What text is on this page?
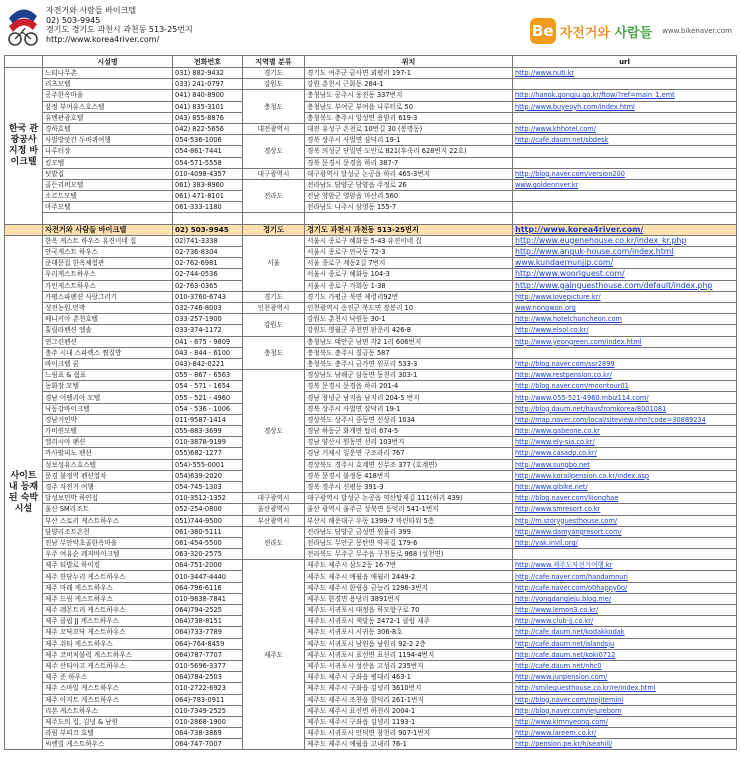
자전거와 사람들 바이크텔
02) 503-9945
경기도 경기도 과천시 과천동 513-25번지
http://www.korea4river.com/	Be 자전거와 사람들 www.bikenaver.com
	시설명	전화번호	지역별 분류	위치	url
한국 관광공사 지정 바이크텔	느티나무촌	031) 882-9432	경기도	경기도 여주군 금사면 외평리 197-1	http://www.nuti.kr
	리츠모텔	033) 241-0797	강원도	강원 춘천시 근화동 284-1	
	공주한옥마을	041) 840-8900	충청도	충청남도 공주시 웅진동 337번지	http://hanok.gongju.go.kr/ftow/?ref=main_1.emt
	삼정 부여유스호스텔	041) 835-3101		충청남도 부여군 부여읍 나루터로 50	http://www.buyeoyh.com/index.html
	유엔관광호텔	043) 855-8876		충청북도 충주시 앙성면 용암리 619-3	
	경하호텔	042) 822-5656	대전광역시	대전 유성구 온천로 10번길 30 (봉명동)	http://www.khhotel.com/
	사벌방앗간 두바퀴여행	054-536-1006	경상도	경북 상주시 사벌면 삼덕리 19-1	http://cafe.daum.net/sbdesk
	나루터장	054-861-7441		경북 의성군 단밀면 도안로 821(후죽리 628번지 22호)	
	킹모텔	054-571-5558		경북 문경시 문경읍 하리 387-7	
	텃밭집	010-4098-4357	대구광역시	대구광역시 달성군 논공읍 하리 465-3번지	http://blog.naver.com/version200
	골든리버모텔	061) 383-8960	전라도	전라남도 담양군 담양읍 주정로 26	www.goldenriver.kr
	소르트모텔	061) 471-8101		전남 영암군 영암읍 마산리 560	
	마주모텔	061-333-1180		전라남도 나주시 삼영동 155-7	

	자전거와 사람들 바이크텔	02) 503-9945	경기도	경기도 과천시 과천동 513-25번지	http://www.korea4river.com/
사이트 내 등재된 숙박시설	한옥 게스트 하우스 유진이네 집	02)741-3338	서울	서울시 종로구 혜화동 5-43 유진이네 집	http://www.eugenehouse.co.kr/index_kr.php
	안국게스트 하우스	02-736-8304		서울시 종로구 안국동 72-3	http://www.anguk-house.com/index.html
	쿤대문집 한옥체험관	02-762-6981		서울 종로구 계동2길 7번지	www.kundaemunjip.com/
	우리게스트하우스	02-744-0536		서울시 종로구 혜화동 104-3	http://www.woorlguest.com/
	가인게스트하우스	02-763-0365		서울시 종로구 가회동 1-38	http://www.gainguesthouse.com/default/index.php
	가평스파펜션 사랑그리기	010-3760-6743	경기도	경기도 가평군 북면 제령리92번	http://www.lovepicture.kr/
	성전농원.민박	032-746-8003	인천광역시	인천광역시 옹진군 북도면 장봉리 10	www.nongwon.org
	베니키아 춘천호텔	033-257-1900	강원도	강원도 춘천시 낙원동 30-1	http://www.hotelchuncheon.com
	홀릴라펜션 엘솔	033-374-1172		강원도 영월군 주천면 판운리 426-8	http://www.elsol.co.kr/
	연그린펜션	041 - 675 - 9809	충청도	충청남도 태안군 남면 각2 1리 606번지	http://www.yeongreen.com/index.html
	충주 시내 스파렉스 찜질방	043 - 844 - 6100		충청북도 충주시 칠금동 587	
	바이크텔 꿈	043)-842-0221		충청북도 충주시 금가면 원포리 533-3	http://blog.naver.com/ssr2899
	느림표 & 쉼표	055 - 867 - 6563	경상도	경상남도 남해군 삼동면 동천리 303-1	http://www.restpension.co.kr/
	동화장 모텔	054 - 571 - 1654		경북 문경시 문경읍 하리 201-4	http://blog.naver.com/moontour01
	경남 어렐리아 모텔	055 - 521 - 4960		경남 창녕군 남지읍 남지리 204-5 번지	http://www.055-521-4960.mbiz114.com/
	낙동강바이크텔	054 - 536 - 1006		경북 상주시 사벌면 삼덕리 19-1	http://blog.daum.net/havsfromkorea/8001081
	경남거민박	011-9587-1414		경상북도 상주시 중동면 신상리 1034	http://map.naver.com/local/siteview.nhn?code=30889234
	가비원모텔	055-883-3699		경남 하동군 화개면 탑리 674-5	http://www.gabeone.co.kr
	엘리시아 펜션	010-3878-9199		경남 양산시 원동면 선리 103번지	http://www.ely-sia.co.kr/
	까사팔피노 펜션	055)682-1277		경남 거제시 일운면 구조라리 767	http://www.casadp.co.kr/
	성보성유스호스텔	054)-555-0001		경상북도 경주시 호계면 신무조 377 (호계면)	http://www.sungbo.net
	문경 불정역 펜션열차	054)639-2020		경북 문경시 불정동 418번지	http://www.korailpension.co.kr/index.asp
	경주 자전거 여행	054-745-1303		경북 경주시 신평동 391-3	http://www.gibike.net/
	달성보민박 하얀집	010-3512-1352	대구광역시	대구광역시 달성군 논공읍 약산탑제길 111(하리 439)	http://blog.naver.com/liionghae
	울산 SM리조트	052-254-0800	울산광역시	울산 광역시 울주군 상북면 등억리 541-1번지	http://www.smresort.co.kr
	부산 스토리 게스트하우스	051)744-9500	부산광역시	부산시 해운대구 우동 1399-7 마린타워 5층	http://m.storyguesthouse.com/
	담양리조트온천	061-380-5111	전라도	전라남도 담양군 금성면 원율리 399	http://www.damyangresort.com/
	전남 무안약초골한옥마을	061-454-5500		전라남도 무안군 몽탄면 약곡길 179-6	http://yak.invil.org/
	우주 여유순 레저바이크텔	063-320-2575		전라북도 무주군 무주읍 구천동로 968 (설천면)	
	제주 티발로 하이킹	064-751-2000	제주도	제주도 제주시 삼도2동 16-7번	http://www.제주도자전거여행.kr
	제주 한담누리 게스트하우스	010-3447-4440		제주도 제주시 애월읍 애월리 2449-2	http://cafe.naver.com/handamnuri
	제주 마레 게스트하우스	064-796-6116		제주도 제주시 한림읍 금능리 1296-3번지	http://cafe.naver.com/o0happy0o/
	제주 드림 게스트하우스	010-9838-7841		제주도 한경면 용당리 3891번지	http://yongdangjeju.blog.me/
	제주 레몬트리 게스트하우스	064)794-2525		제주도 서귀포시 대정읍 하모항구로 70	http://www.lemon3.co.kr/
	제주 클럽 JJ 게스트하우스	064)738-8151		제주도 서귀포시 색달동 2472-1 클럽 제주	http://www.club-jj.co.kr/
	제주 꼬닥꼬닥 게스트하우스	064)733-7789		제주도 서귀포시 서귀동 306-8호	http://cafe.daum.net/kodakkodak
	제주 쉬티 게스트하우스	064)-764-8459		제주도 서귀포시 남원읍 남원리 92-2 2층	http://cafe.daum.net/islandsju
	제주 코비치블럭 게스트하우스	064)787-7707		제주도 서귀포시 표선면 표선리 1194-4번지	http://cafe.daum.net/koki0712
	제주 산티아고 게스트하우스	010-5696-3377		제주도 서귀포시 성산읍 고성리 235번지	http://cafe.daum.net/nhc0
	제주 준 하우스	064)784-2503		제주도 제주시 구좌읍 평대리 463-1	http://www.junpension.com/
	제주 스마일 게스트하우스	010-2722-6923		제주도 제주시 구좌읍 김녕리 3610번지	http://smileguesthouse.co.kr/re/index.html
	제주 아지트 게스트하우스	064)-783-0911		제주도 제주시 조천읍 함덕리 261-1번지	http://blog.naver.com/mojitemini
	리본 게스트하우스	010-7349-2525		제주도 제주시 표선면 하천리 2004-1	http://blog.naver.com/iejureborn
	제주도의 집, 김녕 & 남원	010-2868-1900		제주도 제주시 구좌읍 김녕리 1193-1	http://www.kimnyeong.com/
	라림 부띠끄 호텔	064-738-3869		제주도 서귀포시 안덕면 창천리 907-1번지	http://www.lareem.co.kr/
	씨엔빌 게스트하우스	064-747-7007		제주도 제주시 애월읍 고내리 76-1	http://pension.pe.kr/h/seahill/
